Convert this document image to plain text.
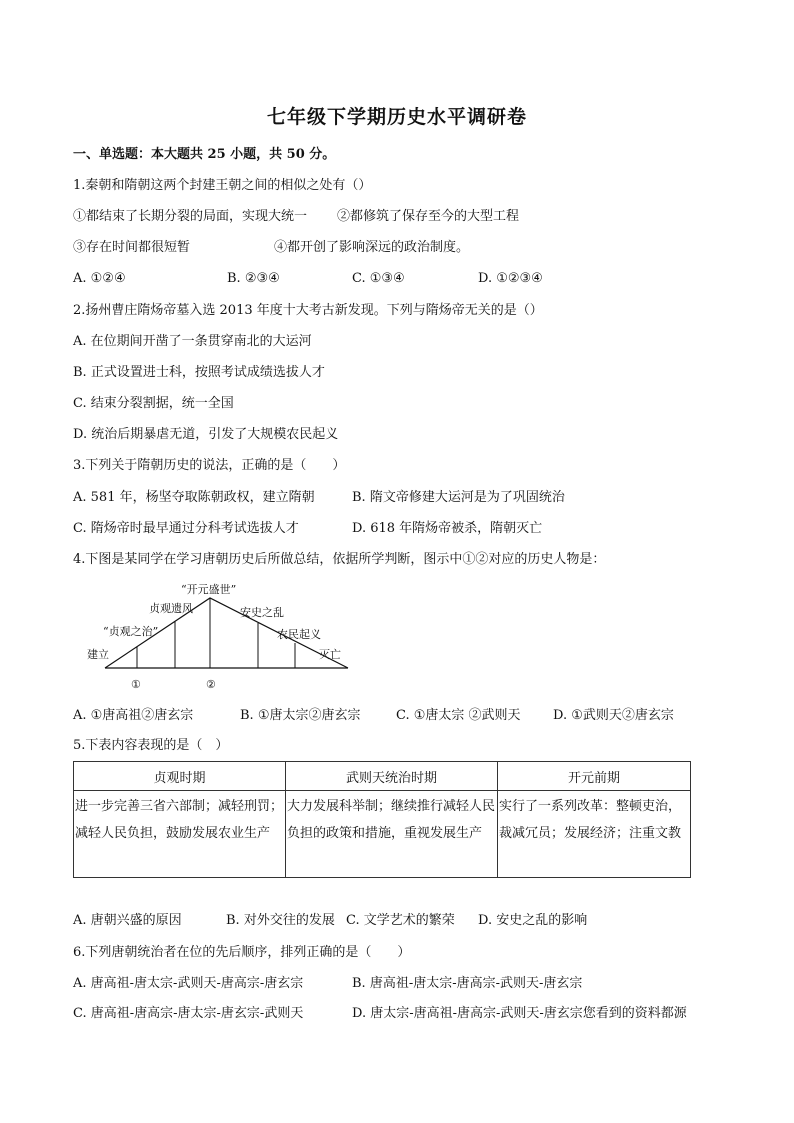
七年级下学期历史水平调研卷
一、单选题：本大题共 25 小题，共 50 分。
1.秦朝和隋朝这两个封建王朝之间的相似之处有（）
①都结束了长期分裂的局面，实现大统一 ②都修筑了保存至今的大型工程
③存在时间都很短暂	④都开创了影响深远的政治制度。
A. ①②④	B. ②③④	C. ①③④	D. ①②③④
2.扬州曹庄隋炀帝墓入选 2013 年度十大考古新发现。下列与隋炀帝无关的是（）
A. 在位期间开凿了一条贯穿南北的大运河
B. 正式设置进士科，按照考试成绩选拔人才
C. 结束分裂割据，统一全国
D. 统治后期暴虐无道，引发了大规模农民起义
3.下列关于隋朝历史的说法，正确的是（　　）
A. 581 年，杨坚夺取陈朝政权，建立隋朝	B. 隋文帝修建大运河是为了巩固统治
C. 隋炀帝时最早通过分科考试选拔人才	D. 618 年隋炀帝被杀，隋朝灭亡
4.下图是某同学在学习唐朝历史后所做总结，依据所学判断，图示中①②对应的历史人物是：
“开元盛世”
贞观遗风
“贞观之治”
建立
安史之乱
农民起义
灭亡
①	②
A. ①唐高祖②唐玄宗	B. ①唐太宗②唐玄宗	C. ①唐太宗 ②武则天 D. ①武则天②唐玄宗
5.下表内容表现的是（　）
贞观时期	武则天统治时期	开元前期
进一步完善三省六部制；减轻刑罚；减轻人民负担，鼓励发展农业生产	大力发展科举制；继续推行减轻人民负担的政策和措施，重视发展生产	实行了一系列改革：整顿吏治，裁减冗员；发展经济；注重文教
A. 唐朝兴盛的原因	B. 对外交往的发展 C. 文学艺术的繁荣 D. 安史之乱的影响
6.下列唐朝统治者在位的先后顺序，排列正确的是（　　）
A. 唐高祖-唐太宗-武则天-唐高宗-唐玄宗	B. 唐高祖-唐太宗-唐高宗-武则天-唐玄宗
C. 唐高祖-唐高宗-唐太宗-唐玄宗-武则天	D. 唐太宗-唐高祖-唐高宗-武则天-唐玄宗您看到的资料都源
